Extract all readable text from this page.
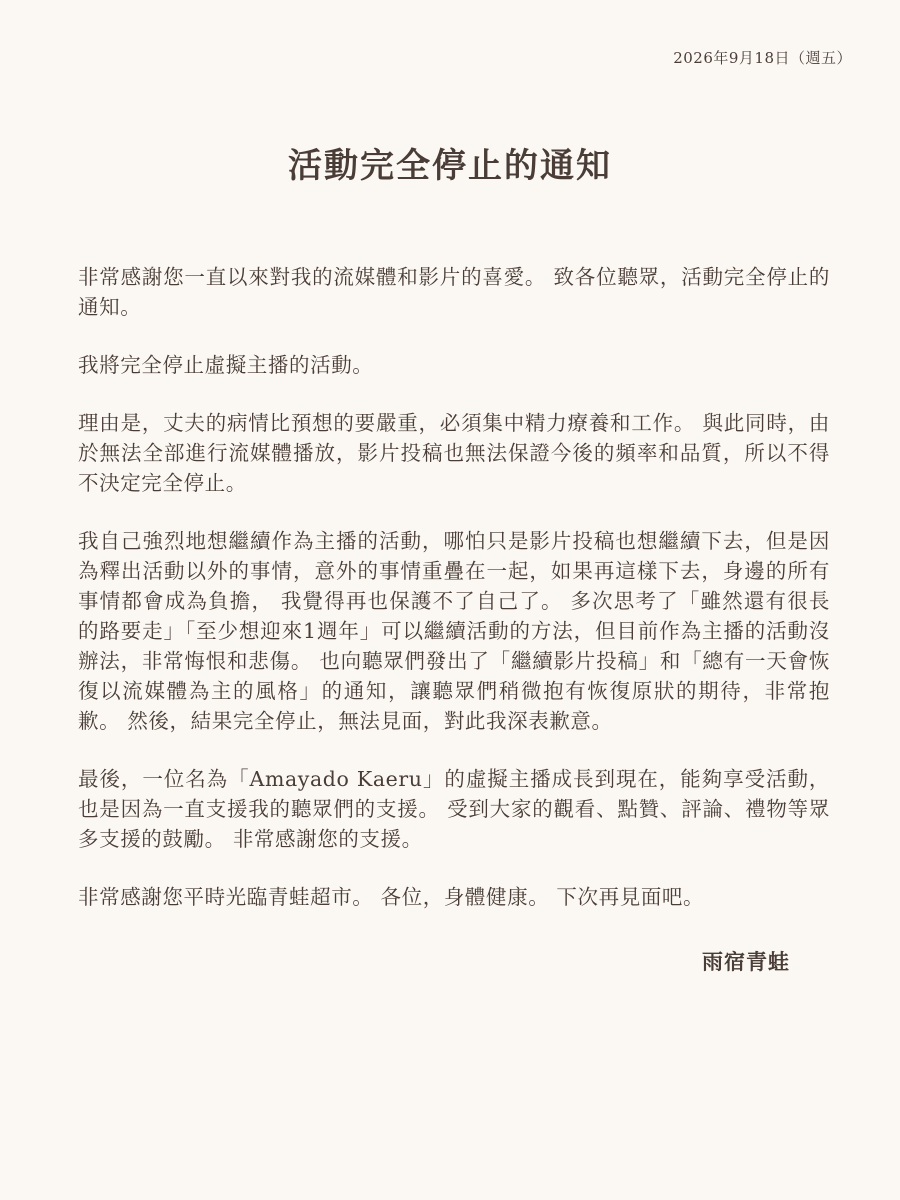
2026年9月18日（週五）
活動完全停止的通知

非常感謝您一直以來對我的流媒體和影片的喜愛。 致各位聽眾，活動完全停止的通知。

我將完全停止虛擬主播的活動。

理由是，丈夫的病情比預想的要嚴重，必須集中精力療養和工作。 與此同時，由於無法全部進行流媒體播放，影片投稿也無法保證今後的頻率和品質，所以不得不決定完全停止。

我自己強烈地想繼續作為主播的活動，哪怕只是影片投稿也想繼續下去，但是因為釋出活動以外的事情，意外的事情重疊在一起，如果再這樣下去，身邊的所有事情都會成為負擔， 我覺得再也保護不了自己了。 多次思考了「雖然還有很長的路要走」「至少想迎來1週年」可以繼續活動的方法，但目前作為主播的活動沒辦法，非常悔恨和悲傷。 也向聽眾們發出了「繼續影片投稿」和「總有一天會恢復以流媒體為主的風格」的通知，讓聽眾們稍微抱有恢復原狀的期待，非常抱歉。 然後，結果完全停止，無法見面，對此我深表歉意。

最後，一位名為「Amayado Kaeru」的虛擬主播成長到現在，能夠享受活動，也是因為一直支援我的聽眾們的支援。 受到大家的觀看、點贊、評論、禮物等眾多支援的鼓勵。 非常感謝您的支援。

非常感謝您平時光臨青蛙超市。 各位，身體健康。 下次再見面吧。

雨宿青蛙
